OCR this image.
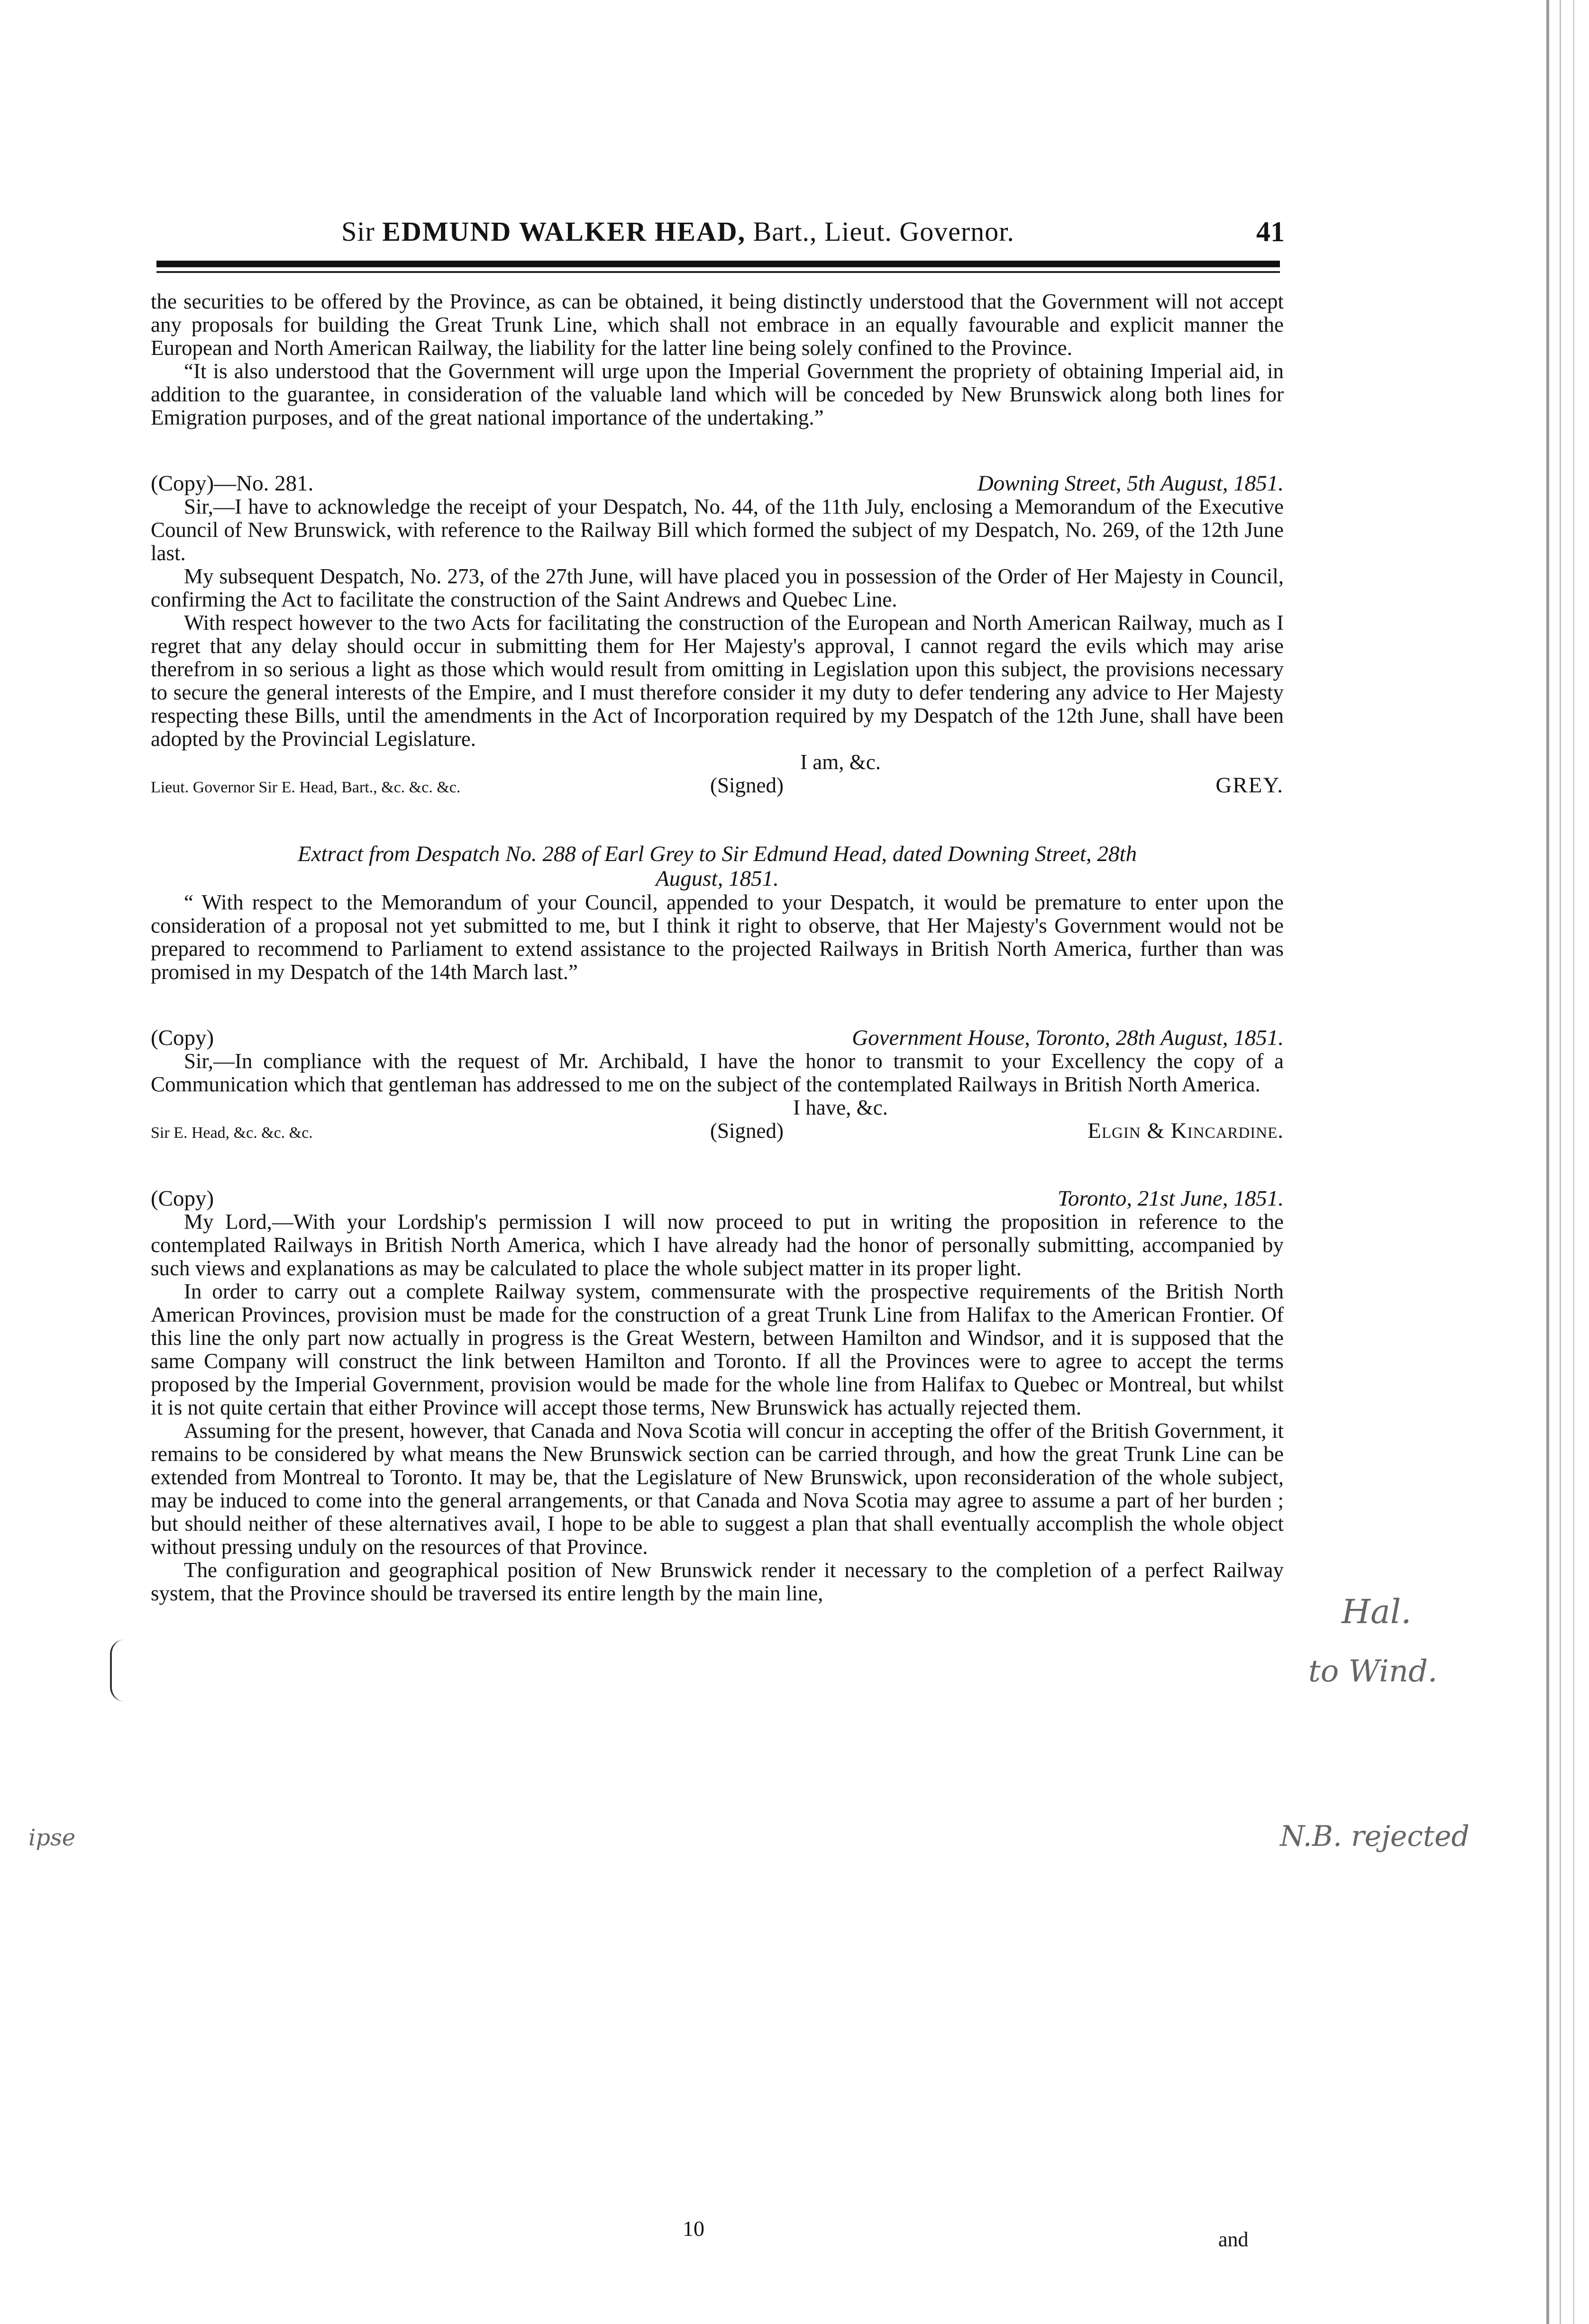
Sir EDMUND WALKER HEAD, Bart., Lieut. Governor.	41

the securities to be offered by the Province, as can be obtained, it being distinctly understood that the Government will not accept any proposals for building the Great Trunk Line, which shall not embrace in an equally favourable and explicit manner the European and North American Railway, the liability for the latter line being solely confined to the Province.

“It is also understood that the Government will urge upon the Imperial Government the propriety of obtaining Imperial aid, in addition to the guarantee, in consideration of the valuable land which will be conceded by New Brunswick along both lines for Emigration purposes, and of the great national importance of the undertaking.”

(Copy)—No. 281.	Downing Street, 5th August, 1851.

Sir,—I have to acknowledge the receipt of your Despatch, No. 44, of the 11th July, enclosing a Memorandum of the Executive Council of New Brunswick, with reference to the Railway Bill which formed the subject of my Despatch, No. 269, of the 12th June last.

My subsequent Despatch, No. 273, of the 27th June, will have placed you in possession of the Order of Her Majesty in Council, confirming the Act to facilitate the construction of the Saint Andrews and Quebec Line.

With respect however to the two Acts for facilitating the construction of the European and North American Railway, much as I regret that any delay should occur in submitting them for Her Majesty's approval, I cannot regard the evils which may arise therefrom in so serious a light as those which would result from omitting in Legislation upon this subject, the provisions necessary to secure the general interests of the Empire, and I must therefore consider it my duty to defer tendering any advice to Her Majesty respecting these Bills, until the amendments in the Act of Incorporation required by my Despatch of the 12th June, shall have been adopted by the Provincial Legislature.

I am, &c.
Lieut. Governor Sir E. Head, Bart., &c. &c. &c.	(Signed)	GREY.
Extract from Despatch No. 288 of Earl Grey to Sir Edmund Head, dated Downing Street, 28th
August, 1851.

“ With respect to the Memorandum of your Council, appended to your Despatch, it would be premature to enter upon the consideration of a proposal not yet submitted to me, but I think it right to observe, that Her Majesty's Government would not be prepared to recommend to Parliament to extend assistance to the projected Railways in British North America, further than was promised in my Despatch of the 14th March last.”

(Copy)	Government House, Toronto, 28th August, 1851.

Sir,—In compliance with the request of Mr. Archibald, I have the honor to transmit to your Excellency the copy of a Communication which that gentleman has addressed to me on the subject of the contemplated Railways in British North America.

I have, &c.
Sir E. Head, &c. &c. &c.	(Signed)	Elgin & Kincardine.
(Copy)	Toronto, 21st June, 1851.

My Lord,—With your Lordship's permission I will now proceed to put in writing the proposition in reference to the contemplated Railways in British North America, which I have already had the honor of personally submitting, accompanied by such views and explanations as may be calculated to place the whole subject matter in its proper light.

In order to carry out a complete Railway system, commensurate with the prospective requirements of the British North American Provinces, provision must be made for the construction of a great Trunk Line from Halifax to the American Frontier. Of this line the only part now actually in progress is the Great Western, between Hamilton and Windsor, and it is supposed that the same Company will construct the link between Hamilton and Toronto. If all the Provinces were to agree to accept the terms proposed by the Imperial Government, provision would be made for the whole line from Halifax to Quebec or Montreal, but whilst it is not quite certain that either Province will accept those terms, New Brunswick has actually rejected them.

Assuming for the present, however, that Canada and Nova Scotia will concur in accepting the offer of the British Government, it remains to be considered by what means the New Brunswick section can be carried through, and how the great Trunk Line can be extended from Montreal to Toronto. It may be, that the Legislature of New Brunswick, upon reconsideration of the whole subject, may be induced to come into the general arrangements, or that Canada and Nova Scotia may agree to assume a part of her burden ; but should neither of these alternatives avail, I hope to be able to suggest a plan that shall eventually accomplish the whole object without pressing unduly on the resources of that Province.

The configuration and geographical position of New Brunswick render it necessary to the completion of a perfect Railway system, that the Province should be traversed its entire length by the main line,

10	and
Hal.
to Wind.
N.B. rejected
ipse
